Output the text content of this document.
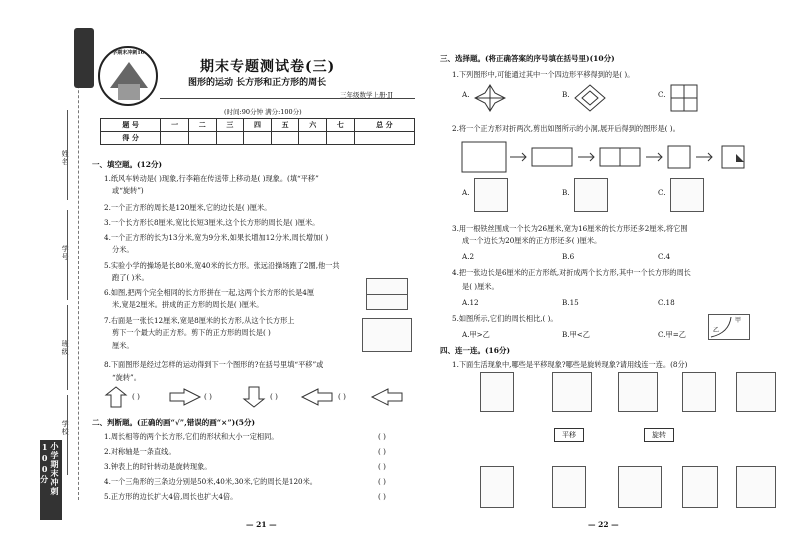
姓名
学号
班级
学校
小学期末冲刺100分
小学期末冲刺100分
期末专题测试卷(三)
图形的运动 长方形和正方形的周长
三年级数学上册·JJ
(时间:90分钟 满分:100分)
题 号	一	二	三	四	五	六	七	总 分
得 分								
一、填空题。(12分)
1.纸风车转动是( )现象,行李箱在传送带上移动是( )现象。(填“平移”
或“旋转”)
2.一个正方形的周长是120厘米,它的边长是( )厘米。
3.一个长方形长8厘米,宽比长短3厘米,这个长方形的周长是( )厘米。
4.一个正方形的长为13分米,宽为9分米,如果长增加12分米,周长增加( )
分米。
5.实验小学的操场是长80米,宽40米的长方形。张远沿操场跑了2圈,他一共
跑了( )米。
6.如图,把两个完全相同的长方形拼在一起,这两个长方形的长是4厘
米,宽是2厘米。拼成的正方形的周长是( )厘米。
7.右面是一张长12厘米,宽是8厘米的长方形,从这个长方形上
剪下一个最大的正方形。剪下的正方形的周长是( )
厘米。
8.下面图形是经过怎样的运动得到下一个图形的?在括号里填“平移”或
“旋转”。
( )	( )	( )	( )
二、判断题。(正确的画“√”,错误的画“×”)(5分)
1.周长相等的两个长方形,它们的形状和大小一定相同。	( )
2.对称轴是一条直线。	( )
3.钟表上的时针转动是旋转现象。	( )
4.一个三角形的三条边分别是50米,40米,30米,它的周长是120米。	( )
5.正方形的边长扩大4倍,周长也扩大4倍。	( )
— 21 —
三、选择题。(将正确答案的序号填在括号里)(10分)
1.下列图形中,可能通过其中一个四边形平移得到的是( )。
A.	B.	C.
2.将一个正方形对折两次,剪出如图所示的小洞,展开后得到的图形是( )。
A.	B.	C.
3.用一根铁丝围成一个长为26厘米,宽为16厘米的长方形还多2厘米,将它围
成一个边长为20厘米的正方形还多( )厘米。
A.2	B.6	C.4
4.把一张边长是6厘米的正方形纸,对折成两个长方形,其中一个长方形的周长
是( )厘米。
A.12	B.15	C.18
5.如图所示,它们的周长相比,( )。
A.甲>乙	B.甲<乙	C.甲=乙	乙
甲
四、连一连。(16分)
1.下面生活现象中,哪些是平移现象?哪些是旋转现象?请用线连一连。(8分)
平移	旋转
— 22 —
